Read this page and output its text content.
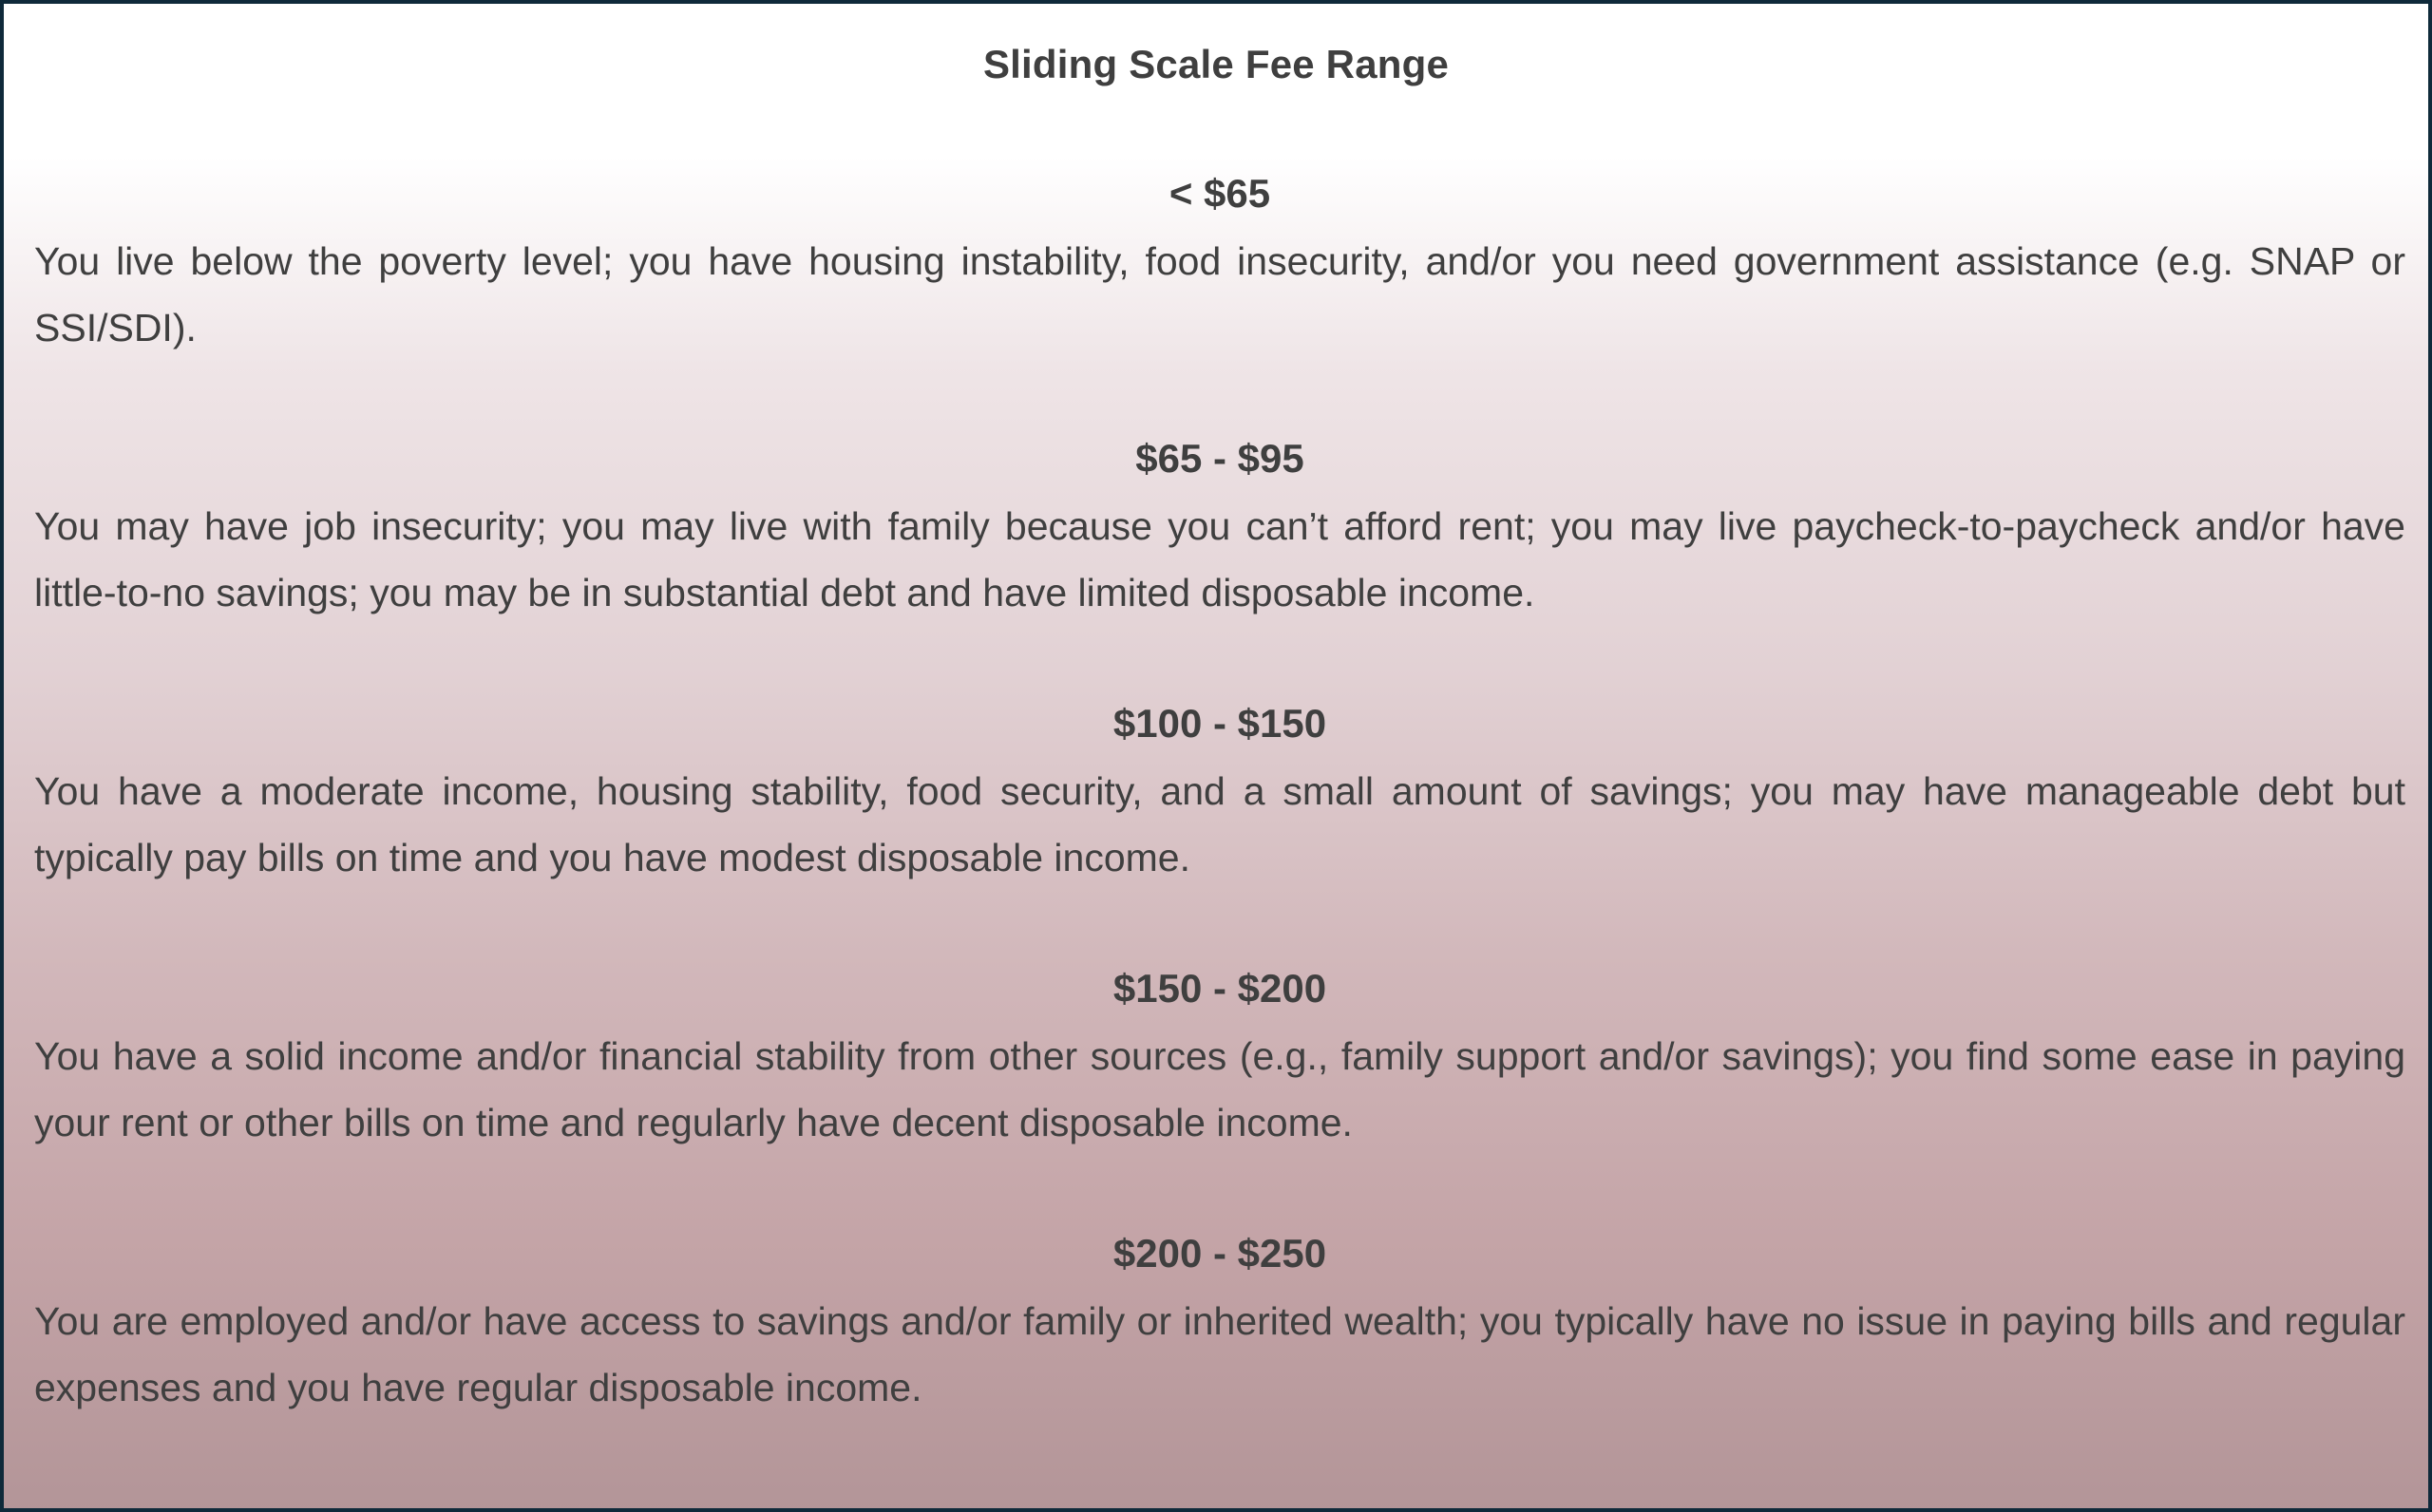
Sliding Scale Fee Range

< $65

You live below the poverty level; you have housing instability, food insecurity, and/or you need government assistance (e.g. SNAP or SSI/SDI).

$65 - $95

You may have job insecurity; you may live with family because you can’t afford rent; you may live paycheck-to-paycheck and/or have little-to-no savings; you may be in substantial debt and have limited disposable income.

$100 - $150

You have a moderate income, housing stability, food security, and a small amount of savings; you may have manageable debt but typically pay bills on time and you have modest disposable income.

$150 - $200

You have a solid income and/or financial stability from other sources (e.g., family support and/or savings); you find some ease in paying your rent or other bills on time and regularly have decent disposable income.

$200 - $250

You are employed and/or have access to savings and/or family or inherited wealth; you typically have no issue in paying bills and regular expenses and you have regular disposable income.
